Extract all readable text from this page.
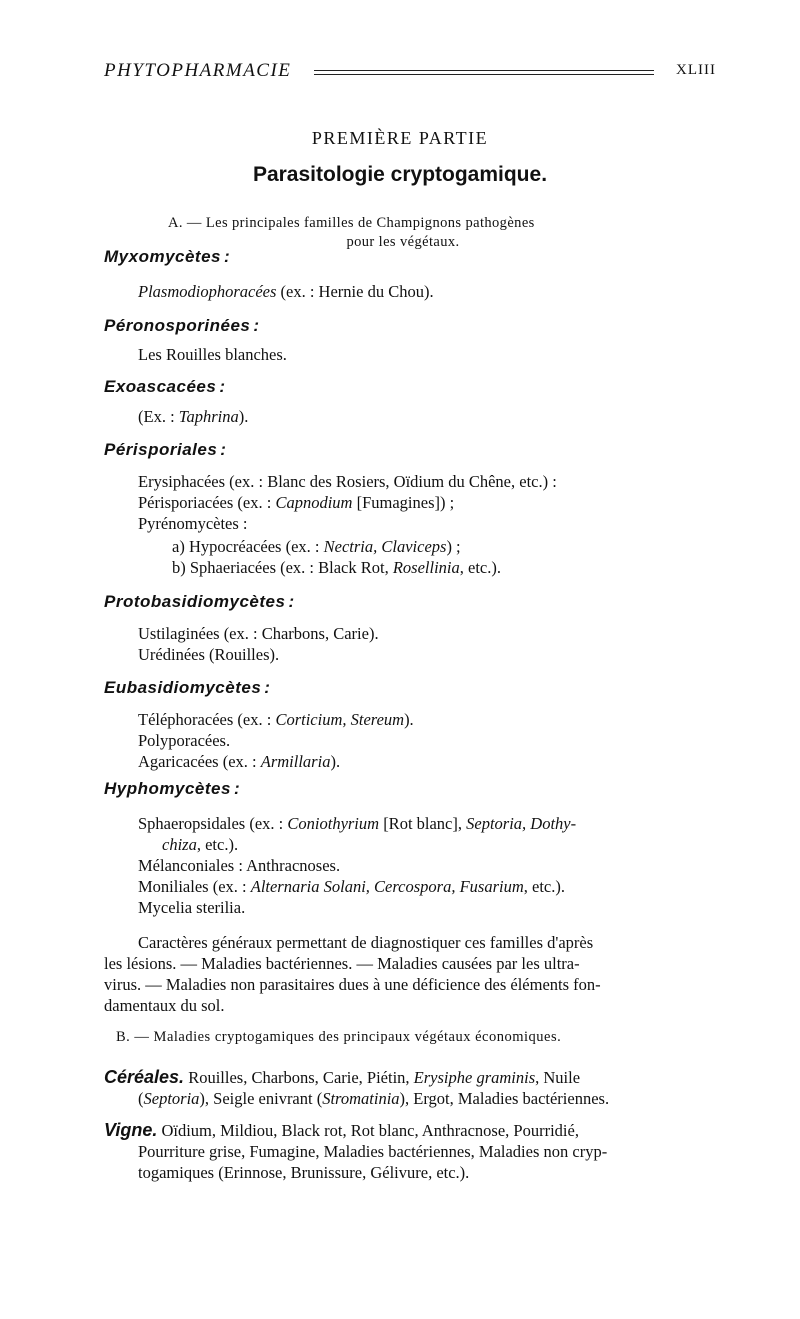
PHYTOPHARMACIE	XLIII
PREMIÈRE PARTIE
Parasitologie cryptogamique.
A. — Les principales familles de Champignons pathogènes
pour les végétaux.
Myxomycètes :
Plasmodiophoracées (ex. : Hernie du Chou).
Péronosporinées :
Les Rouilles blanches.
Exoascacées :
(Ex. : Taphrina).
Périsporiales :
Erysiphacées (ex. : Blanc des Rosiers, Oïdium du Chêne, etc.) :
Périsporiacées (ex. : Capnodium [Fumagines]) ;
Pyrénomycètes :
a) Hypocréacées (ex. : Nectria, Claviceps) ;
b) Sphaeriacées (ex. : Black Rot, Rosellinia, etc.).
Protobasidiomycètes :
Ustilaginées (ex. : Charbons, Carie).
Urédinées (Rouilles).
Eubasidiomycètes :
Téléphoracées (ex. : Corticium, Stereum).
Polyporacées.
Agaricacées (ex. : Armillaria).
Hyphomycètes :
Sphaeropsidales (ex. : Coniothyrium [Rot blanc], Septoria, Dothy-
chiza, etc.).
Mélanconiales : Anthracnoses.
Moniliales (ex. : Alternaria Solani, Cercospora, Fusarium, etc.).
Mycelia sterilia.
Caractères généraux permettant de diagnostiquer ces familles d'après
les lésions. — Maladies bactériennes. — Maladies causées par les ultra-
virus. — Maladies non parasitaires dues à une déficience des éléments fon-
damentaux du sol.
B. — Maladies cryptogamiques des principaux végétaux économiques.
Céréales. Rouilles, Charbons, Carie, Piétin, Erysiphe graminis, Nuile
(Septoria), Seigle enivrant (Stromatinia), Ergot, Maladies bactériennes.
Vigne. Oïdium, Mildiou, Black rot, Rot blanc, Anthracnose, Pourridié,
Pourriture grise, Fumagine, Maladies bactériennes, Maladies non cryp-
togamiques (Erinnose, Brunissure, Gélivure, etc.).
